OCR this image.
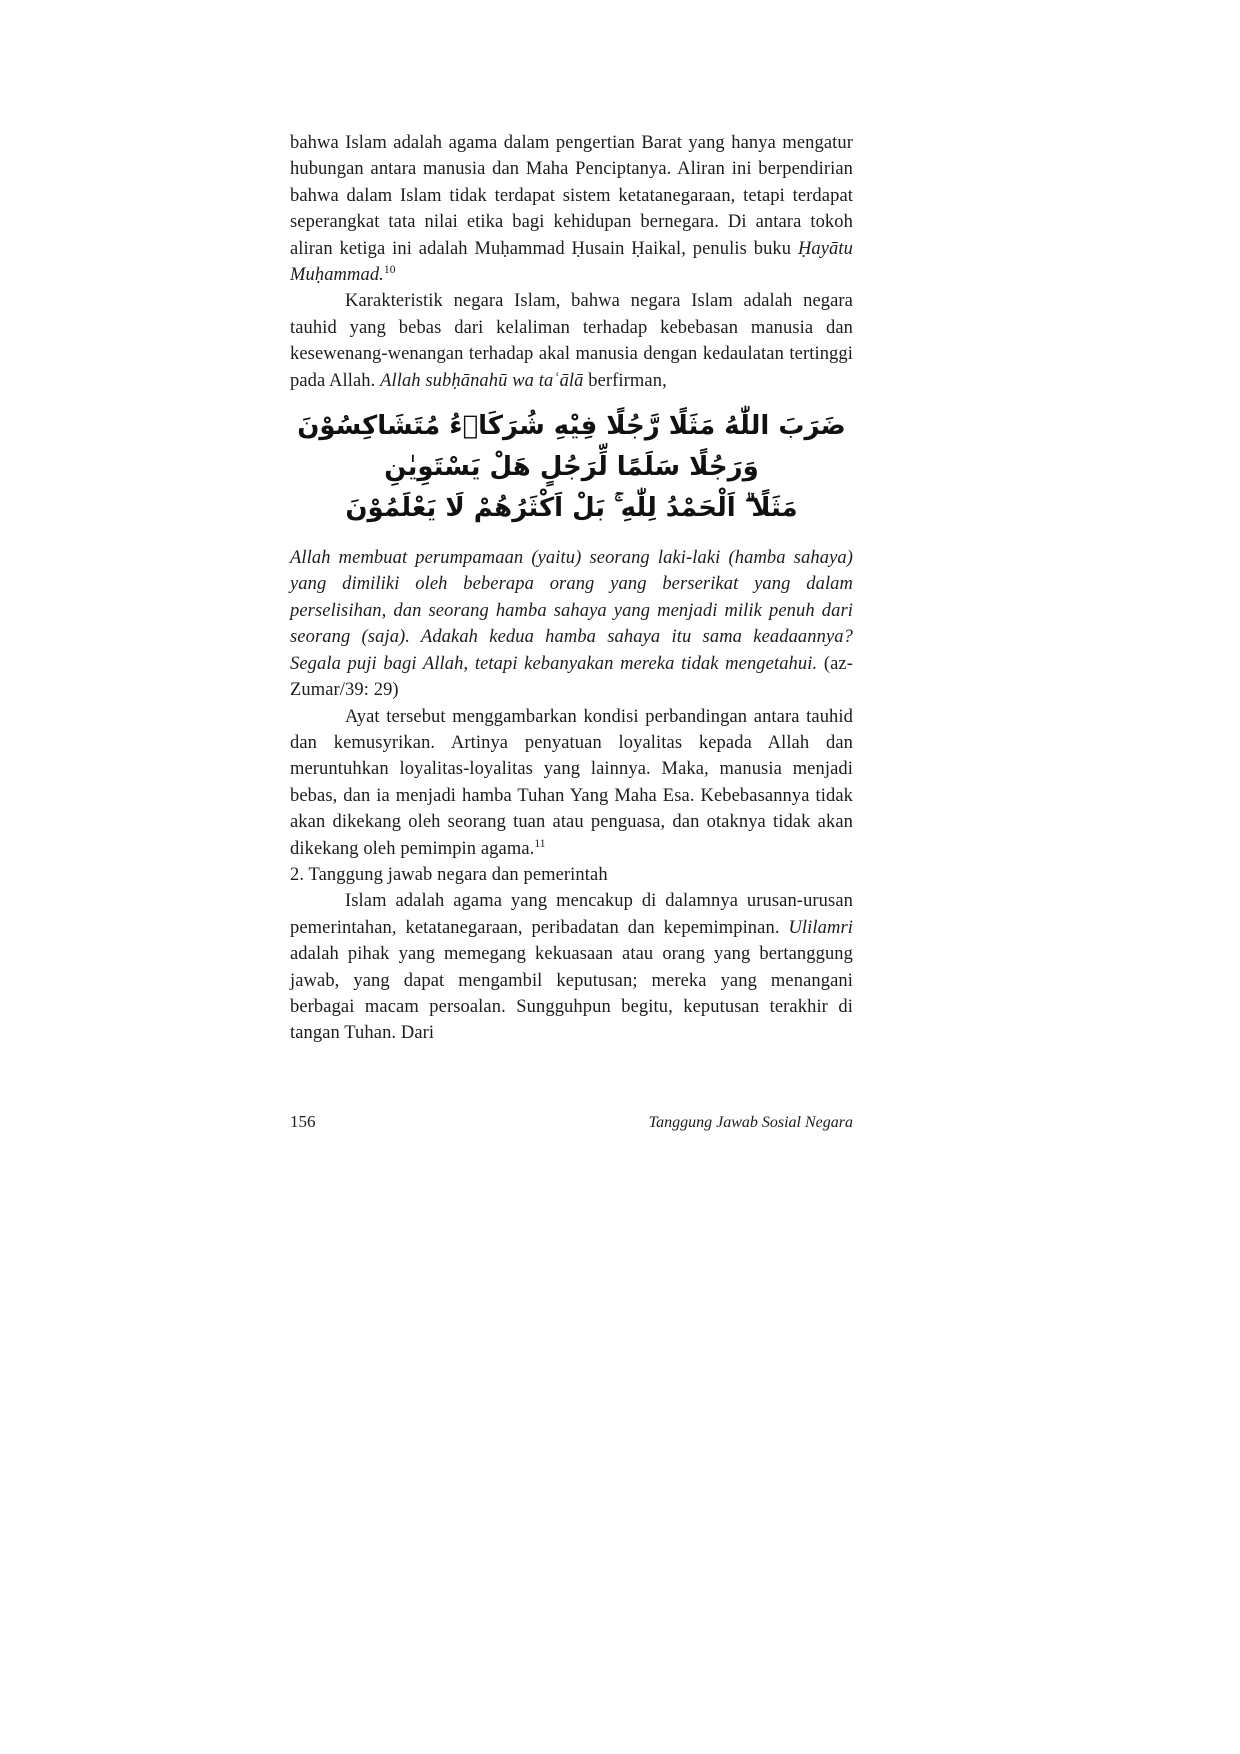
bahwa Islam adalah agama dalam pengertian Barat yang hanya mengatur hubungan antara manusia dan Maha Penciptanya. Aliran ini berpendirian bahwa dalam Islam tidak terdapat sistem ketatanegaraan, tetapi terdapat seperangkat tata nilai etika bagi kehidupan bernegara. Di antara tokoh aliran ketiga ini adalah Muḥammad Ḥusain Ḥaikal, penulis buku Ḥayātu Muḥammad.$^{10}$

Karakteristik negara Islam, bahwa negara Islam adalah negara tauhid yang bebas dari kelaliman terhadap kebebasan manusia dan kesewenang-wenangan terhadap akal manusia dengan kedaulatan tertinggi pada Allah. Allah subḥānahū wa taʿālā berfirman,

ضَرَبَ اللّٰهُ مَثَلًا رَّجُلًا فِيْهِ شُرَكَاۤءُ مُتَشَاكِسُوْنَ وَرَجُلًا سَلَمًا لِّرَجُلٍ هَلْ يَسْتَوِيٰنِ
مَثَلًا ۗ اَلْحَمْدُ لِلّٰهِ ۚ بَلْ اَكْثَرُهُمْ لَا يَعْلَمُوْنَ

Allah membuat perumpamaan (yaitu) seorang laki-laki (hamba sahaya) yang dimiliki oleh beberapa orang yang berserikat yang dalam perselisihan, dan seorang hamba sahaya yang menjadi milik penuh dari seorang (saja). Adakah kedua hamba sahaya itu sama keadaannya? Segala puji bagi Allah, tetapi kebanyakan mereka tidak mengetahui. (az-Zumar/39: 29)

Ayat tersebut menggambarkan kondisi perbandingan antara tauhid dan kemusyrikan. Artinya penyatuan loyalitas kepada Allah dan meruntuhkan loyalitas-loyalitas yang lainnya. Maka, manusia menjadi bebas, dan ia menjadi hamba Tuhan Yang Maha Esa. Kebebasannya tidak akan dikekang oleh seorang tuan atau penguasa, dan otaknya tidak akan dikekang oleh pemimpin agama.$^{11}$

2. Tanggung jawab negara dan pemerintah

Islam adalah agama yang mencakup di dalamnya urusan-urusan pemerintahan, ketatanegaraan, peribadatan dan kepemimpinan. Ulilamri adalah pihak yang memegang kekuasaan atau orang yang bertanggung jawab, yang dapat mengambil keputusan; mereka yang menangani berbagai macam persoalan. Sungguhpun begitu, keputusan terakhir di tangan Tuhan. Dari

156	Tanggung Jawab Sosial Negara
